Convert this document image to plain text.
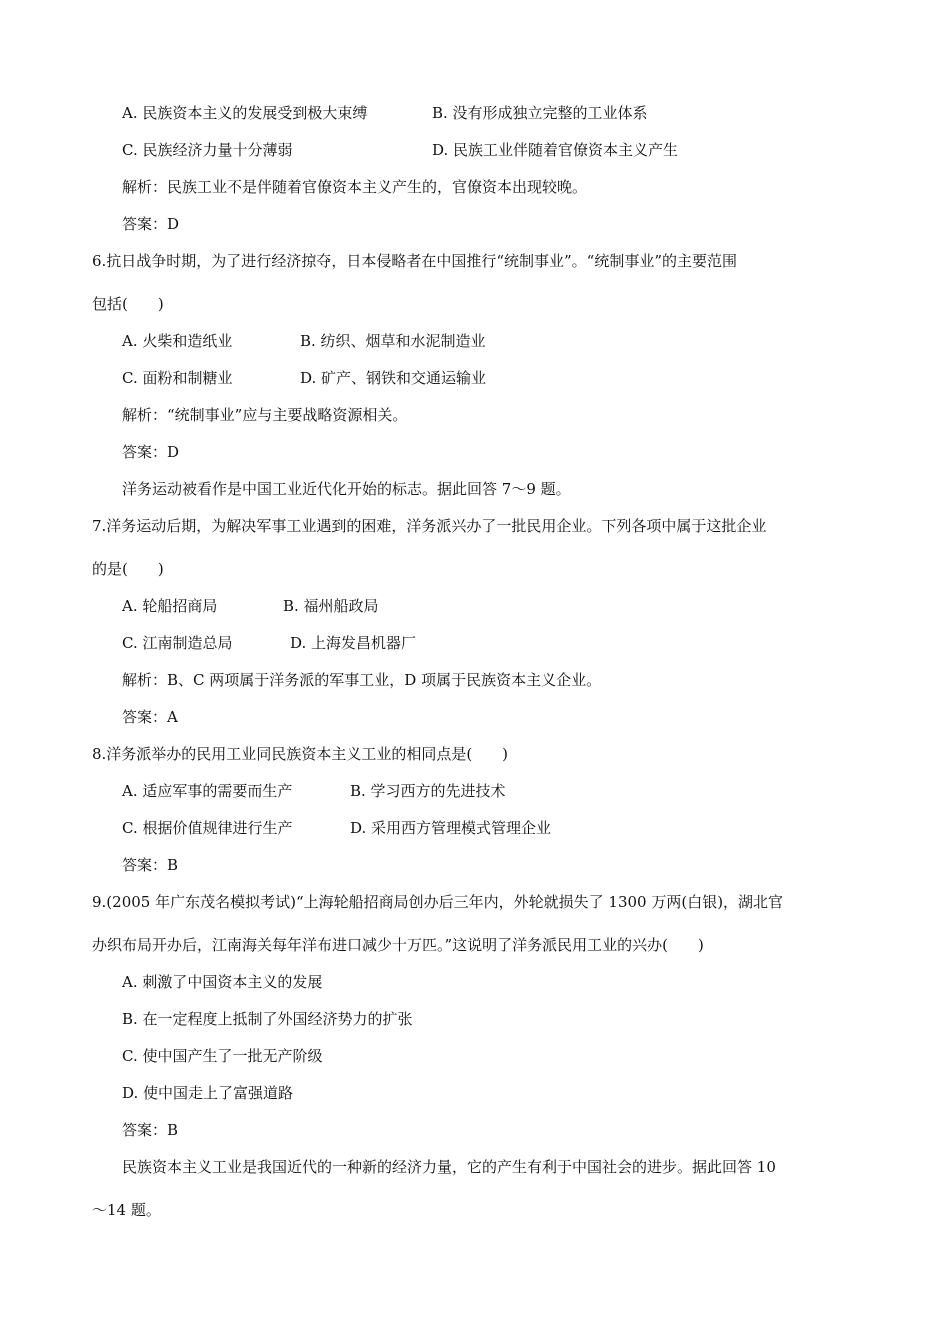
A. 民族资本主义的发展受到极大束缚	B. 没有形成独立完整的工业体系
C. 民族经济力量十分薄弱	D. 民族工业伴随着官僚资本主义产生
解析：民族工业不是伴随着官僚资本主义产生的，官僚资本出现较晚。
答案：D
6.抗日战争时期，为了进行经济掠夺，日本侵略者在中国推行“统制事业”。“统制事业”的主要范围
包括(　　)
A. 火柴和造纸业	B. 纺织、烟草和水泥制造业
C. 面粉和制糖业	D. 矿产、钢铁和交通运输业
解析：“统制事业”应与主要战略资源相关。
答案：D
洋务运动被看作是中国工业近代化开始的标志。据此回答 7～9 题。
7.洋务运动后期，为解决军事工业遇到的困难，洋务派兴办了一批民用企业。下列各项中属于这批企业
的是(　　)
A. 轮船招商局	B. 福州船政局
C. 江南制造总局	D. 上海发昌机器厂
解析：B、C 两项属于洋务派的军事工业，D 项属于民族资本主义企业。
答案：A
8.洋务派举办的民用工业同民族资本主义工业的相同点是(　　)
A. 适应军事的需要而生产	B. 学习西方的先进技术
C. 根据价值规律进行生产	D. 采用西方管理模式管理企业
答案：B
9.(2005 年广东茂名模拟考试)“上海轮船招商局创办后三年内，外轮就损失了 1300 万两(白银)，湖北官
办织布局开办后，江南海关每年洋布进口减少十万匹。”这说明了洋务派民用工业的兴办(　　)
A. 刺激了中国资本主义的发展
B. 在一定程度上抵制了外国经济势力的扩张
C. 使中国产生了一批无产阶级
D. 使中国走上了富强道路
答案：B
民族资本主义工业是我国近代的一种新的经济力量，它的产生有利于中国社会的进步。据此回答 10
～14 题。
